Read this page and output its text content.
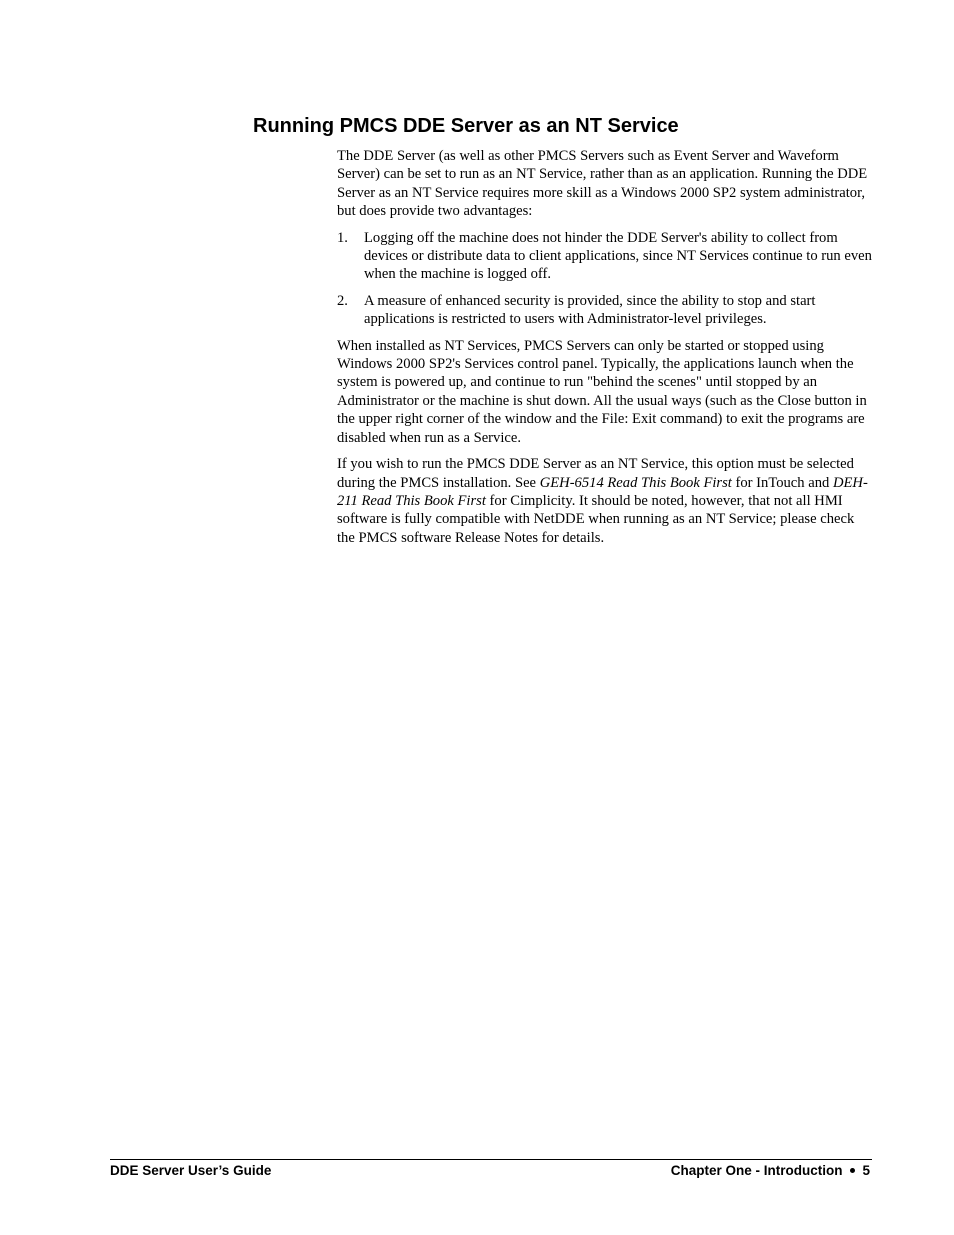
Running PMCS DDE Server as an NT Service

The DDE Server (as well as other PMCS Servers such as Event Server and Waveform Server) can be set to run as an NT Service, rather than as an application. Running the DDE Server as an NT Service requires more skill as a Windows 2000 SP2 system administrator, but does provide two advantages:

1.	Logging off the machine does not hinder the DDE Server's ability to collect from devices or distribute data to client applications, since NT Services continue to run even when the machine is logged off.
2.	A measure of enhanced security is provided, since the ability to stop and start applications is restricted to users with Administrator-level privileges.

When installed as NT Services, PMCS Servers can only be started or stopped using Windows 2000 SP2's Services control panel. Typically, the applications launch when the system is powered up, and continue to run "behind the scenes" until stopped by an Administrator or the machine is shut down. All the usual ways (such as the Close button in the upper right corner of the window and the File: Exit command) to exit the programs are disabled when run as a Service.

If you wish to run the PMCS DDE Server as an NT Service, this option must be selected during the PMCS installation. See GEH-6514 Read This Book First for InTouch and DEH-211 Read This Book First for Cimplicity. It should be noted, however, that not all HMI software is fully compatible with NetDDE when running as an NT Service; please check the PMCS software Release Notes for details.

DDE Server User’s Guide	Chapter One - Introduction 5
